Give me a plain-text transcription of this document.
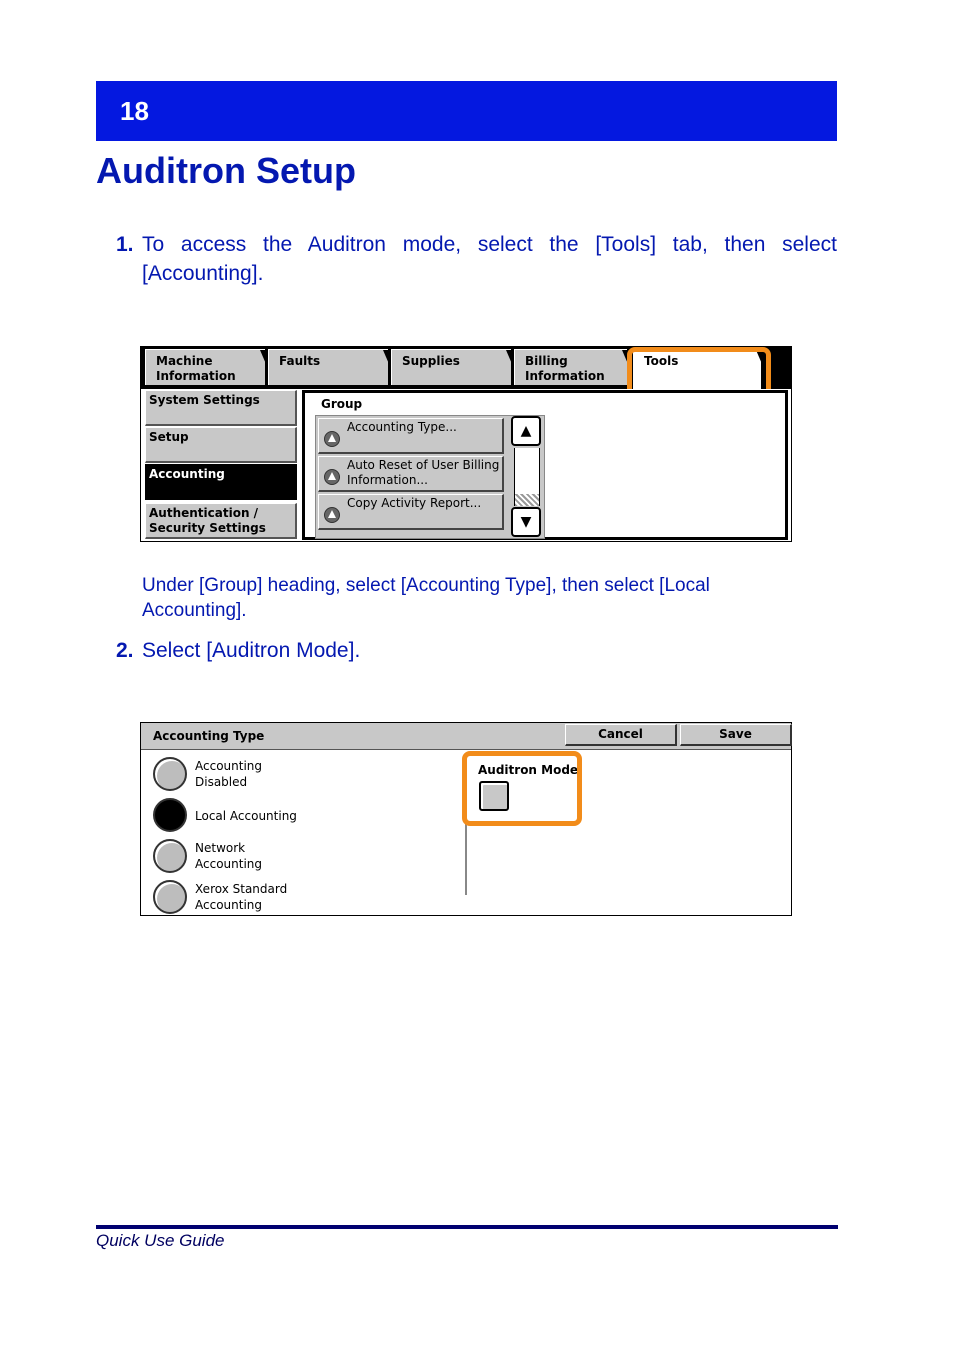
18
Auditron Setup
1. To access the Auditron mode, select the [Tools] tab, then select [Accounting].
Machine Information
Faults	Supplies	Billing Information
Tools
System Settings
Setup
Accounting
Authentication / Security Settings
Group
Accounting Type...
Auto Reset of User Billing Information...
Copy Activity Report...
▲
▼
Under [Group] heading, select [Accounting Type], then select [Local Accounting].
2. Select [Auditron Mode].
Accounting Type	Cancel	Save
Accounting Disabled
Local Accounting
Network Accounting
Xerox Standard Accounting
Auditron Mode
Quick Use Guide
